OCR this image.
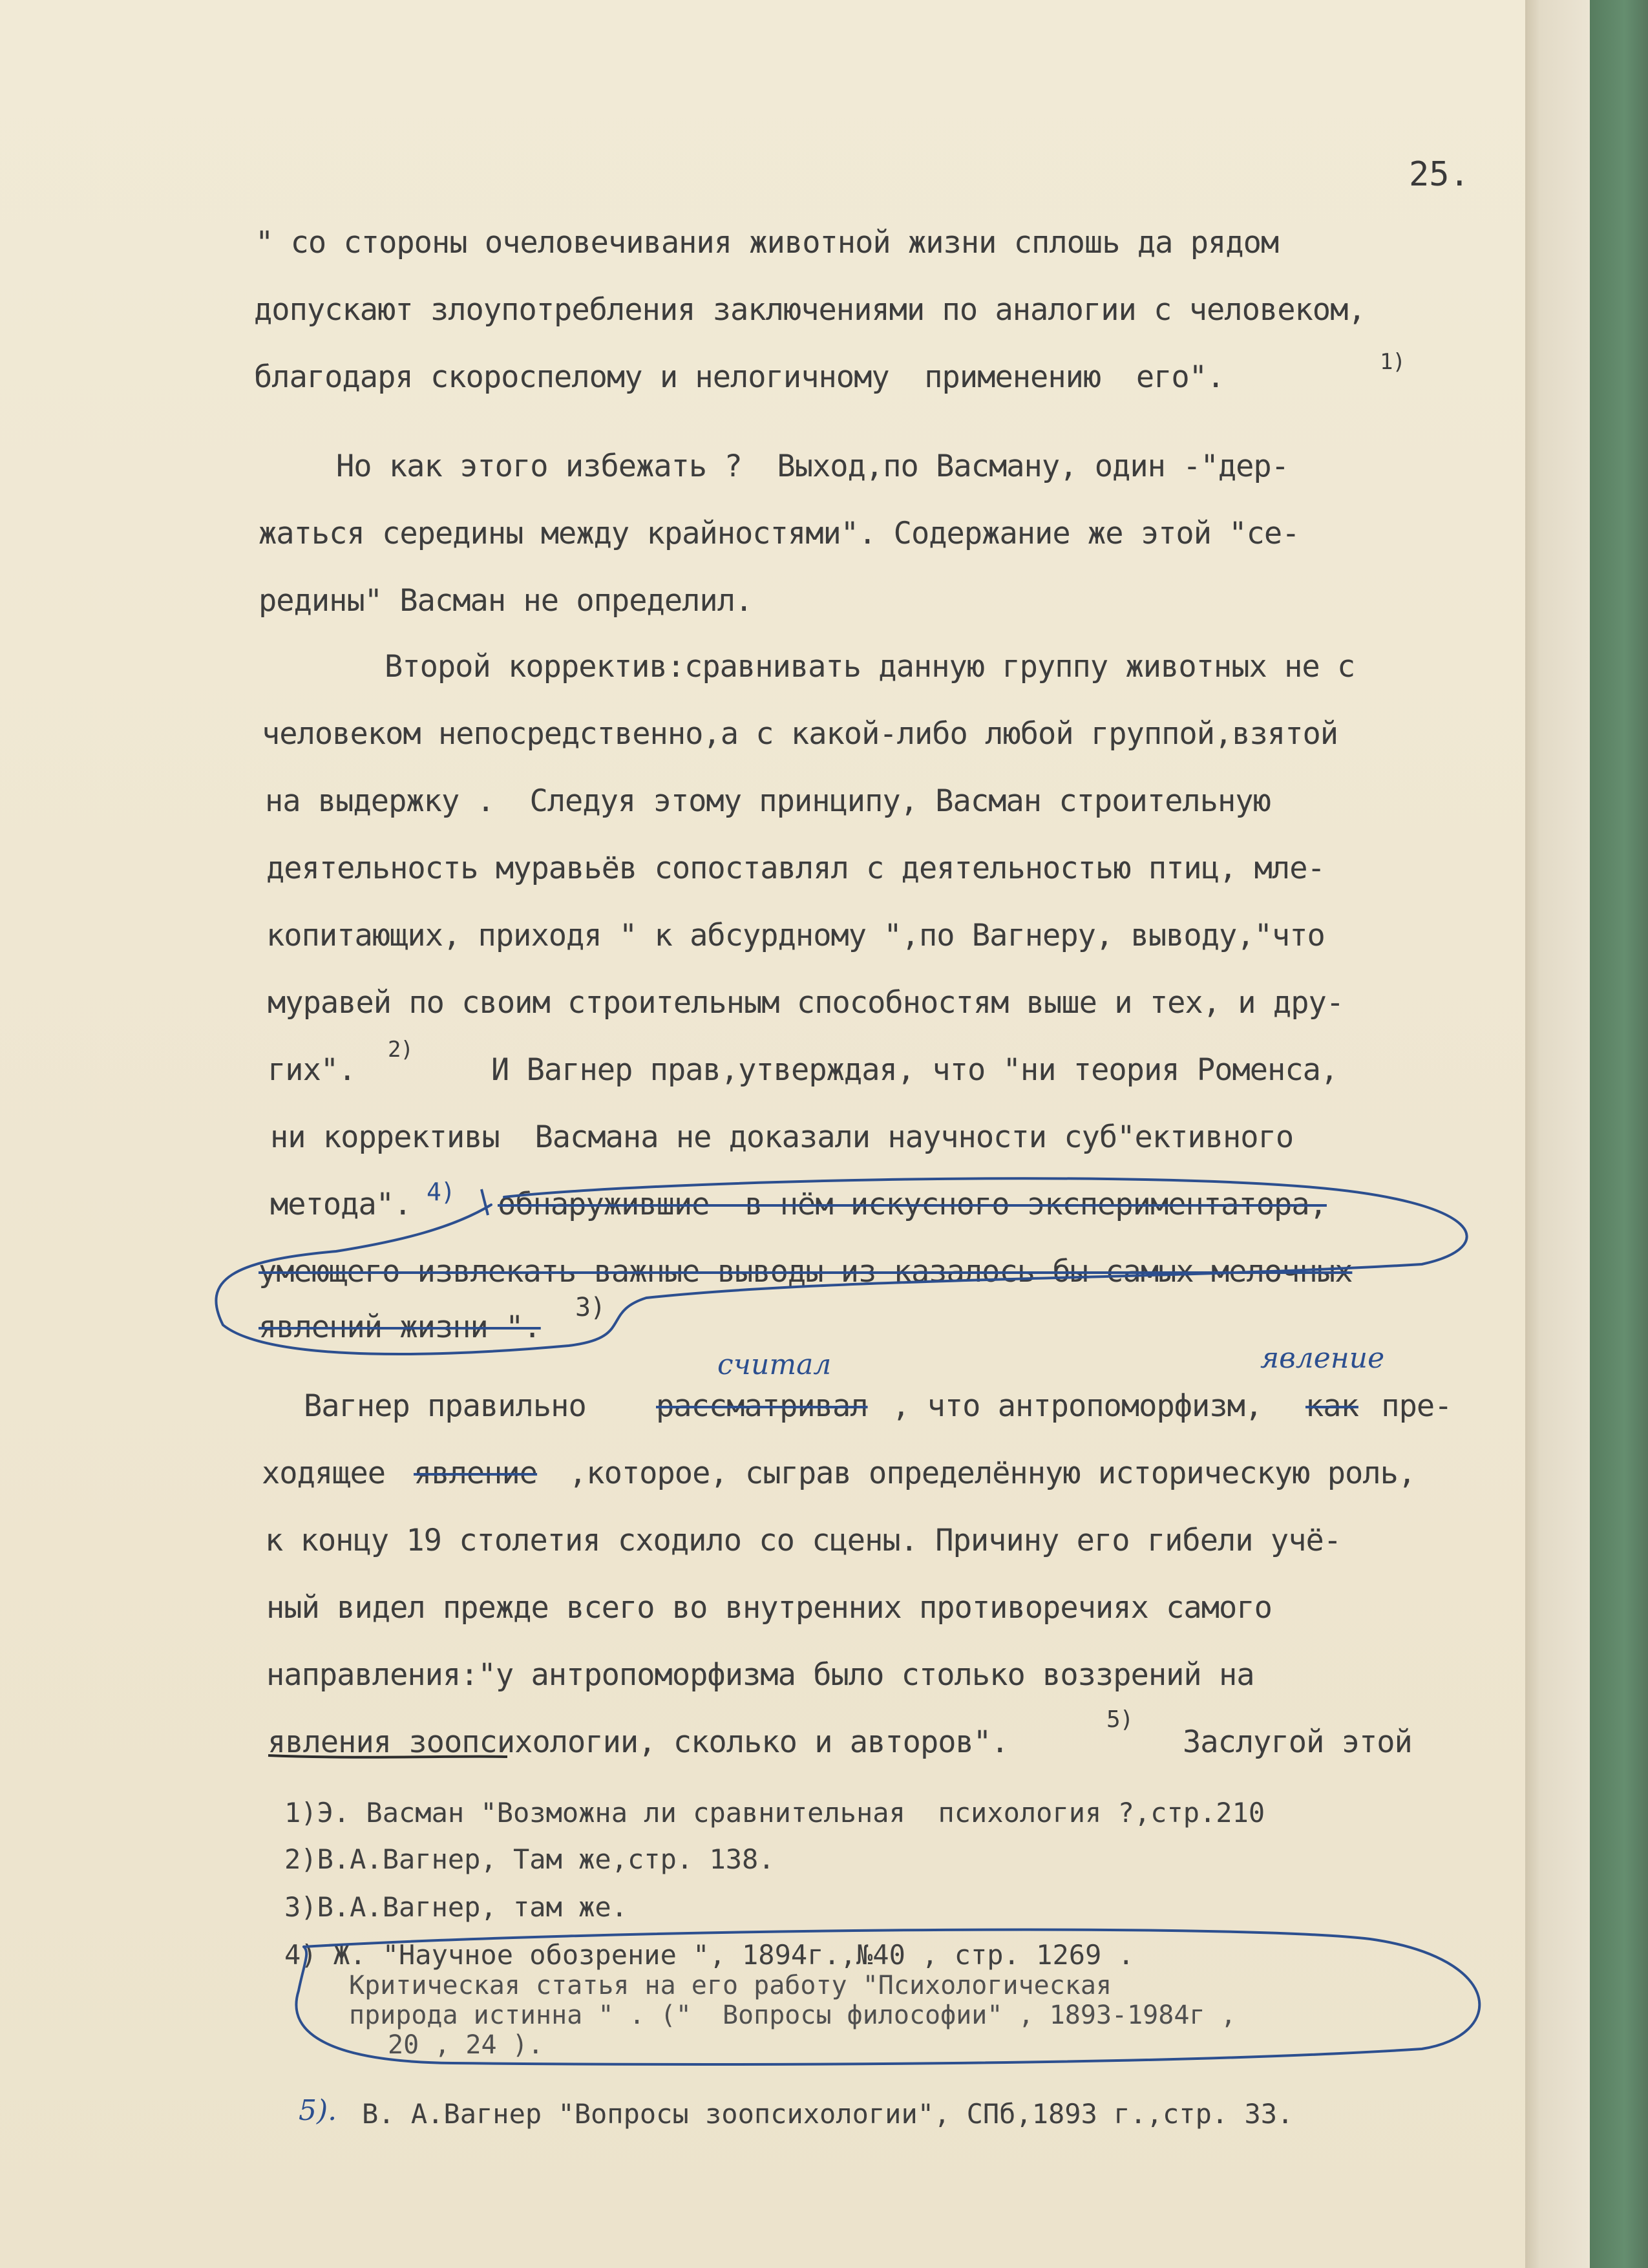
25.
" со стороны очеловечивания животной жизни сплошь да рядом
допускают злоупотребления заключениями по аналогии с человеком,
благодаря скороспелому и нелогичному  применению  его".	1)
Но как этого избежать ?  Выход,по Васману, один -"дер-
жаться середины между крайностями". Содержание же этой "се-
редины" Васман не определил.
Второй корректив:сравнивать данную группу животных не с
человеком непосредственно,а с какой-либо любой группой,взятой
на выдержку .  Следуя этому принципу, Васман строительную
деятельность муравьёв сопоставлял с деятельностью птиц, мле-
копитающих, приходя " к абсурдному ",по Вагнеру, выводу,"что
муравей по своим строительным способностям выше и тех, и дру-
гих".
2)
И Вагнер прав,утверждая, что "ни теория Роменса,
ни коррективы  Васмана не доказали научности суб"ективного
метода". 4) обнаружившие  в нём искусного экспериментатора,
умеющего извлекать важные выводы из казалось бы самых мелочных
явлений жизни ".
3)
считал	явление
Вагнер правильно рассматривал , что антропоморфизм, как пре-
ходящее явление ,которое, сыграв определённую историческую роль,
к концу 19 столетия сходило со сцены. Причину его гибели учё-
ный видел прежде всего во внутренних противоречиях самого
направления:"у антропоморфизма было столько воззрений на
явления зоопсихологии, сколько и авторов".
5)
Заслугой этой
1)Э. Васман "Возможна ли сравнительная  психология ?,стр.210
2)В.А.Вагнер, Там же,стр. 138.
3)В.А.Вагнер, там же.
4) Ж. "Научное обозрение ", 1894г.,№40 , стр. 1269 .
Критическая статья на его работу "Психологическая
природа истинна " . ("  Вопросы философии" , 1893-1984г ,
20 , 24 ).
5). В. А.Вагнер "Вопросы зоопсихологии", СПб,1893 г.,стр. 33.
